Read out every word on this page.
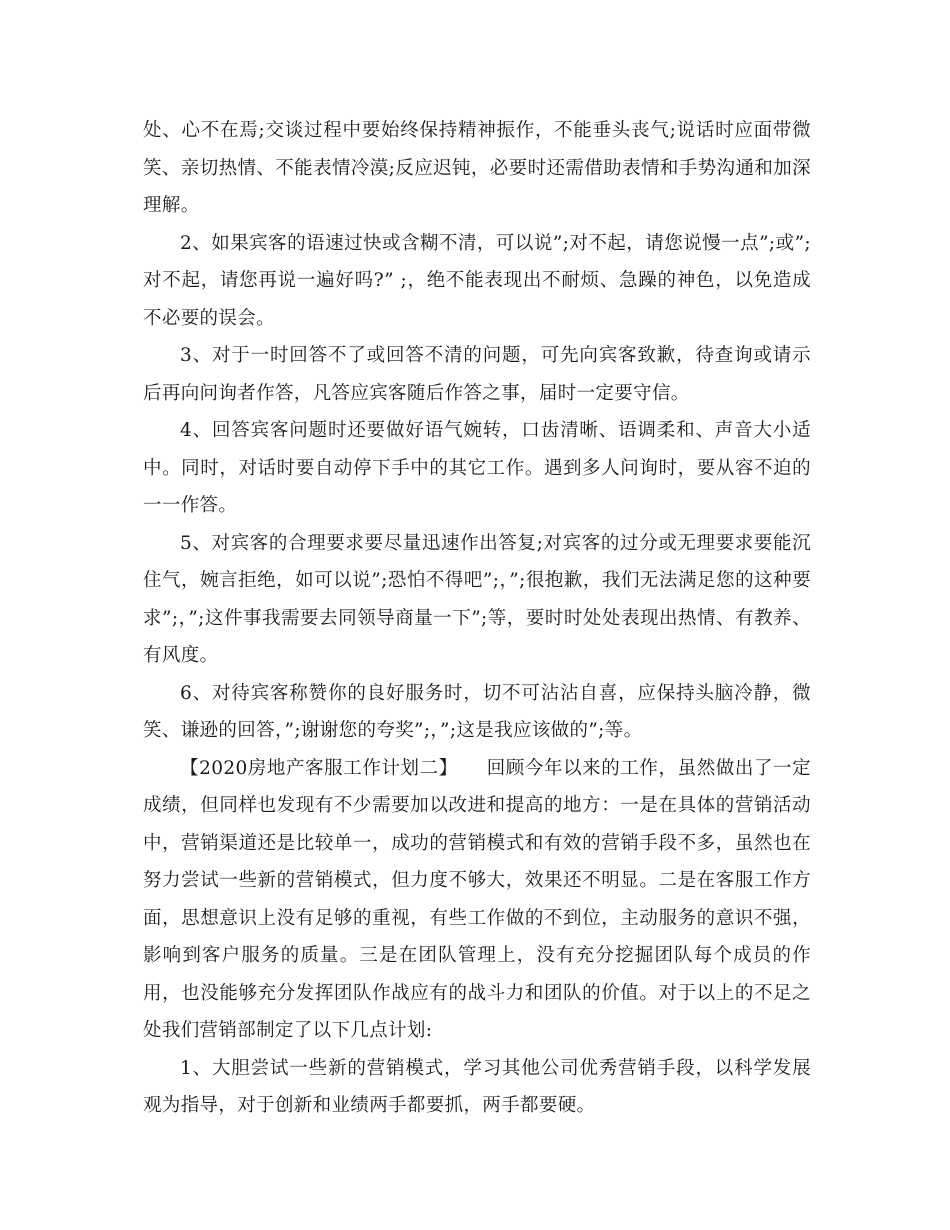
处、心不在焉;交谈过程中要始终保持精神振作，不能垂头丧气;说话时应面带微笑、亲切热情、不能表情冷漠;反应迟钝，必要时还需借助表情和手势沟通和加深理解。

2、如果宾客的语速过快或含糊不清，可以说”;对不起，请您说慢一点”;或”;对不起，请您再说一遍好吗?” ;，绝不能表现出不耐烦、急躁的神色，以免造成不必要的误会。

3、对于一时回答不了或回答不清的问题，可先向宾客致歉，待查询或请示后再向问询者作答，凡答应宾客随后作答之事，届时一定要守信。

4、回答宾客问题时还要做好语气婉转，口齿清晰、语调柔和、声音大小适中。同时，对话时要自动停下手中的其它工作。遇到多人问询时，要从容不迫的一一作答。

5、对宾客的合理要求要尽量迅速作出答复;对宾客的过分或无理要求要能沉住气，婉言拒绝，如可以说”;恐怕不得吧”;，”;很抱歉，我们无法满足您的这种要求”;，”;这件事我需要去同领导商量一下”;等，要时时处处表现出热情、有教养、有风度。

6、对待宾客称赞你的良好服务时，切不可沾沾自喜，应保持头脑冷静，微笑、谦逊的回答，”;谢谢您的夸奖”;，”;这是我应该做的”;等。

【2020房地产客服工作计划二】　　回顾今年以来的工作，虽然做出了一定成绩，但同样也发现有不少需要加以改进和提高的地方：一是在具体的营销活动中，营销渠道还是比较单一，成功的营销模式和有效的营销手段不多，虽然也在努力尝试一些新的营销模式，但力度不够大，效果还不明显。二是在客服工作方面，思想意识上没有足够的重视，有些工作做的不到位，主动服务的意识不强，影响到客户服务的质量。三是在团队管理上，没有充分挖掘团队每个成员的作用，也没能够充分发挥团队作战应有的战斗力和团队的价值。对于以上的不足之处我们营销部制定了以下几点计划:

1、大胆尝试一些新的营销模式，学习其他公司优秀营销手段，以科学发展观为指导，对于创新和业绩两手都要抓，两手都要硬。
